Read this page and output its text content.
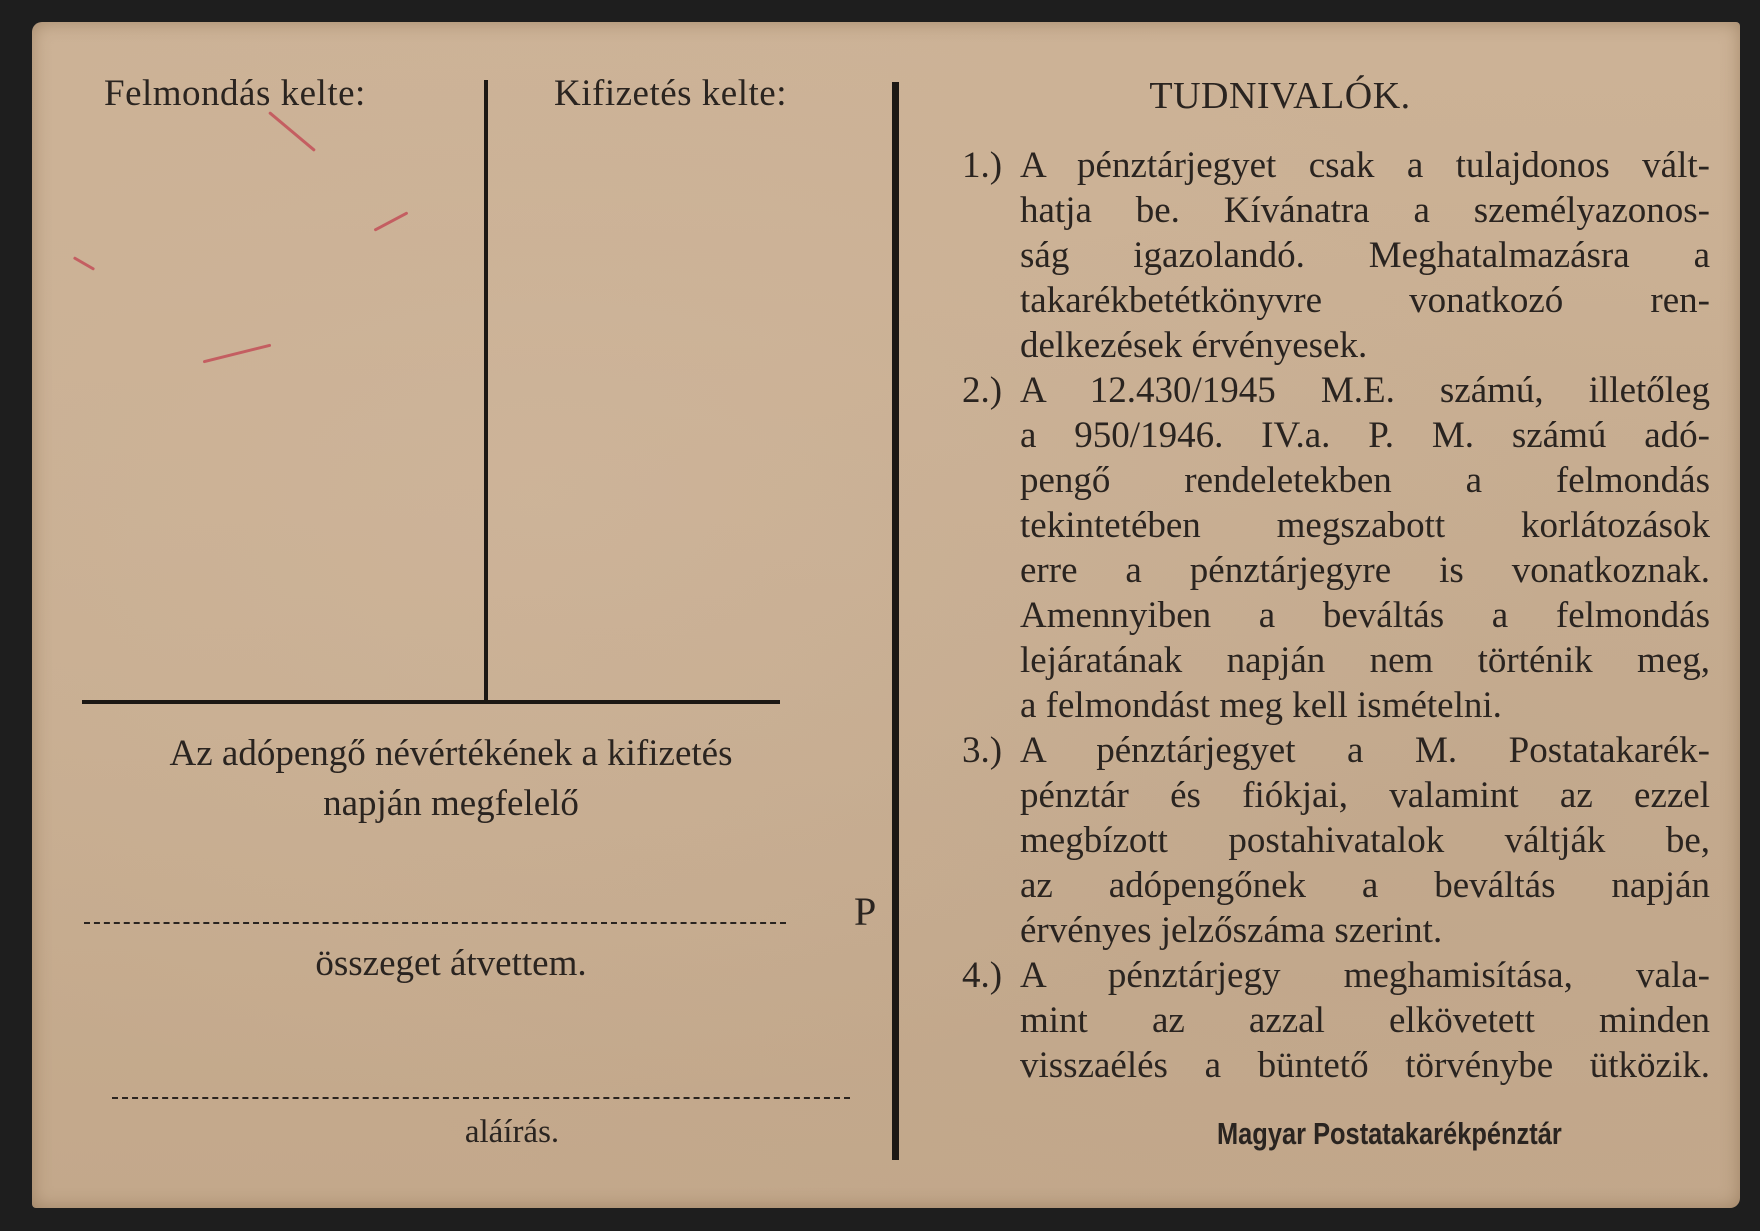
Felmondás kelte:	Kifizetés kelte:
Az adópengő névértékének a kifizetés
napján megfelelő
P
összeget átvettem.
aláírás.
TUDNIVALÓK.
1.) A pénztárjegyet csak a tulajdonos vált-
hatja be. Kívánatra a személyazonos-
ság igazolandó. Meghatalmazásra a
takarékbetétkönyvre vonatkozó ren-
delkezések érvényesek.
2.) A 12.430/1945 M.E. számú, illetőleg
a 950/1946. IV.a. P. M. számú adó-
pengő rendeletekben a felmondás
tekintetében megszabott korlátozások
erre a pénztárjegyre is vonatkoznak.
Amennyiben a beváltás a felmondás
lejáratának napján nem történik meg,
a felmondást meg kell ismételni.
3.) A pénztárjegyet a M. Postatakarék-
pénztár és fiókjai, valamint az ezzel
megbízott postahivatalok váltják be,
az adópengőnek a beváltás napján
érvényes jelzőszáma szerint.
4.) A pénztárjegy meghamisítása, vala-
mint az azzal elkövetett minden
visszaélés a büntető törvénybe ütközik.
Magyar Postatakarékpénztár
